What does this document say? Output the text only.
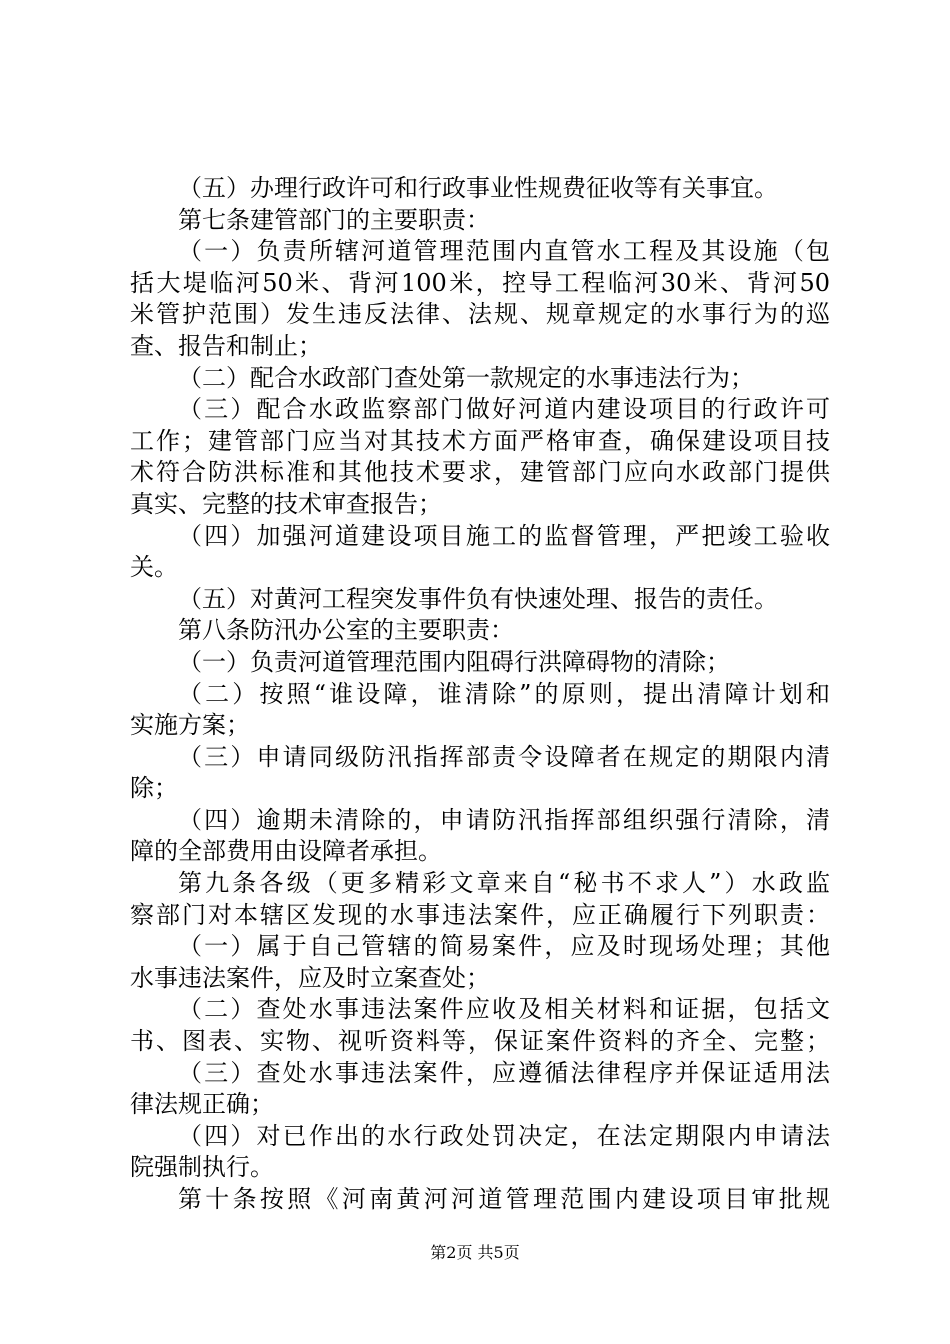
（五）办理行政许可和行政事业性规费征收等有关事宜。
第七条建管部门的主要职责：
（一）负责所辖河道管理范围内直管水工程及其设施（包
括大堤临河50米、背河100米，控导工程临河30米、背河50
米管护范围）发生违反法律、法规、规章规定的水事行为的巡
查、报告和制止；
（二）配合水政部门查处第一款规定的水事违法行为；
（三）配合水政监察部门做好河道内建设项目的行政许可
工作；建管部门应当对其技术方面严格审查，确保建设项目技
术符合防洪标准和其他技术要求，建管部门应向水政部门提供
真实、完整的技术审查报告；
（四）加强河道建设项目施工的监督管理，严把竣工验收
关。
（五）对黄河工程突发事件负有快速处理、报告的责任。
第八条防汛办公室的主要职责：
（一）负责河道管理范围内阻碍行洪障碍物的清除；
（二）按照“谁设障，谁清除”的原则，提出清障计划和
实施方案；
（三）申请同级防汛指挥部责令设障者在规定的期限内清
除；
（四）逾期未清除的，申请防汛指挥部组织强行清除，清
障的全部费用由设障者承担。
第九条各级（更多精彩文章来自“秘书不求人”）水政监
察部门对本辖区发现的水事违法案件，应正确履行下列职责：
（一）属于自己管辖的简易案件，应及时现场处理；其他
水事违法案件，应及时立案查处；
（二）查处水事违法案件应收及相关材料和证据，包括文
书、图表、实物、视听资料等，保证案件资料的齐全、完整；
（三）查处水事违法案件，应遵循法律程序并保证适用法
律法规正确；
（四）对已作出的水行政处罚决定，在法定期限内申请法
院强制执行。
第十条按照《河南黄河河道管理范围内建设项目审批规
第2页 共5页
